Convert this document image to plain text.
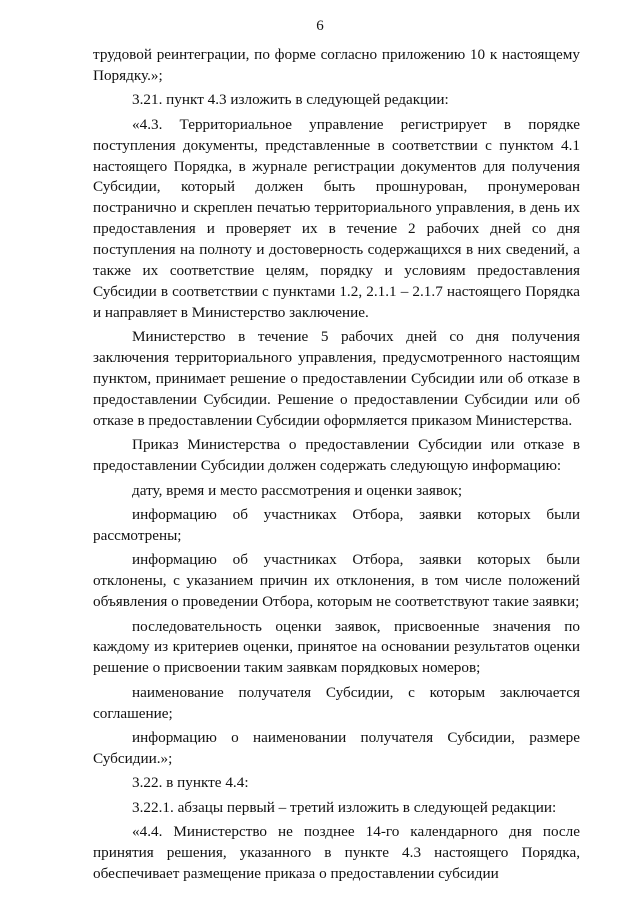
6

трудовой реинтеграции, по форме согласно приложению 10 к настоящему Порядку.»;

3.21. пункт 4.3 изложить в следующей редакции:

«4.3. Территориальное управление регистрирует в порядке поступления документы, представленные в соответствии с пунктом 4.1 настоящего Порядка, в журнале регистрации документов для получения Субсидии, который должен быть прошнурован, пронумерован постранично и скреплен печатью территориального управления, в день их предоставления и проверяет их в течение 2 рабочих дней со дня поступления на полноту и достоверность содержащихся в них сведений, а также их соответствие целям, порядку и условиям предоставления Субсидии в соответствии с пунктами 1.2, 2.1.1 – 2.1.7 настоящего Порядка и направляет в Министерство заключение.

Министерство в течение 5 рабочих дней со дня получения заключения территориального управления, предусмотренного настоящим пунктом, принимает решение о предоставлении Субсидии или об отказе в предоставлении Субсидии. Решение о предоставлении Субсидии или об отказе в предоставлении Субсидии оформляется приказом Министерства.

Приказ Министерства о предоставлении Субсидии или отказе в предоставлении Субсидии должен содержать следующую информацию:

дату, время и место рассмотрения и оценки заявок;

информацию об участниках Отбора, заявки которых были рассмотрены;

информацию об участниках Отбора, заявки которых были отклонены, с указанием причин их отклонения, в том числе положений объявления о проведении Отбора, которым не соответствуют такие заявки;

последовательность оценки заявок, присвоенные значения по каждому из критериев оценки, принятое на основании результатов оценки решение о присвоении таким заявкам порядковых номеров;

наименование получателя Субсидии, с которым заключается соглашение;

информацию о наименовании получателя Субсидии, размере Субсидии.»;

3.22. в пункте 4.4:

3.22.1. абзацы первый – третий изложить в следующей редакции:

«4.4. Министерство не позднее 14-го календарного дня после принятия решения, указанного в пункте 4.3 настоящего Порядка, обеспечивает размещение приказа о предоставлении субсидии
